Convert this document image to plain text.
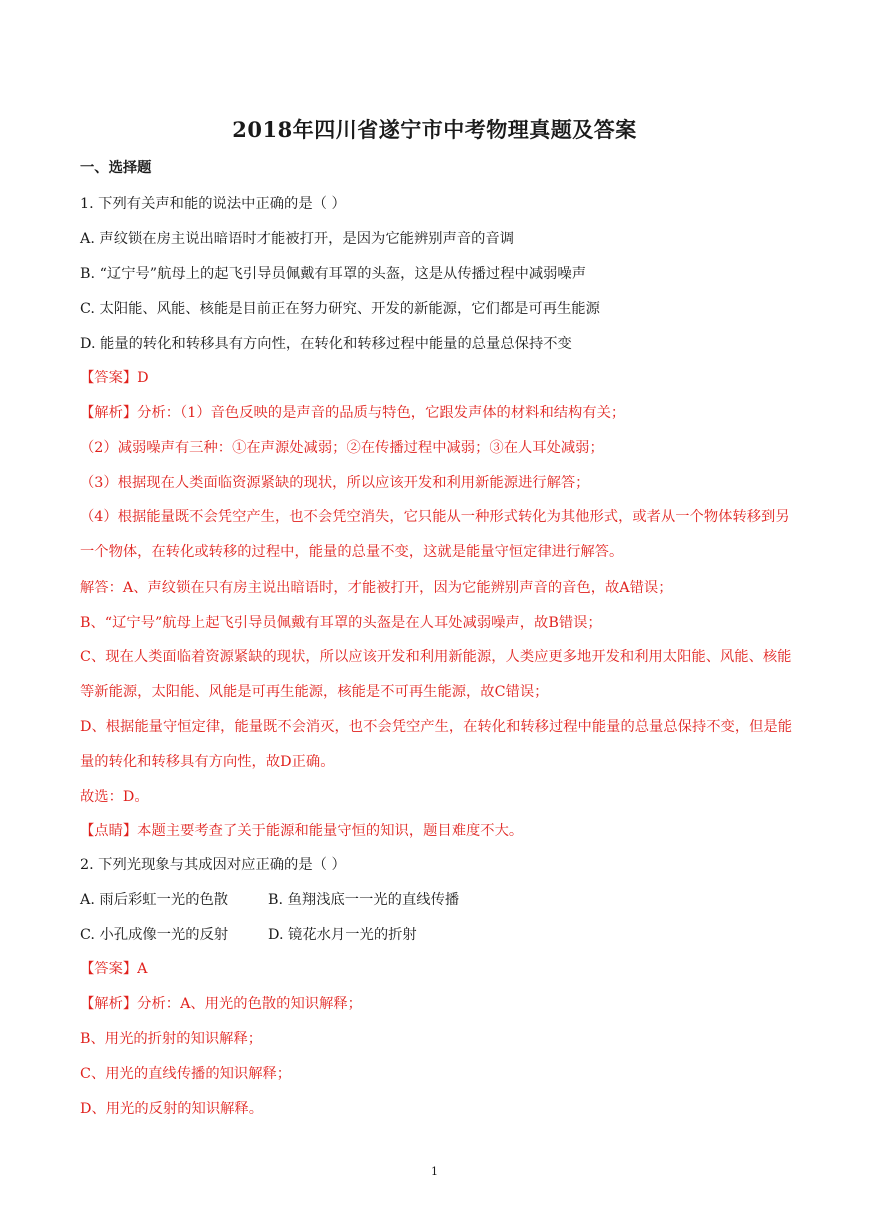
2018年四川省遂宁市中考物理真题及答案
一、选择题
1. 下列有关声和能的说法中正确的是（ ）
A. 声纹锁在房主说出暗语时才能被打开，是因为它能辨别声音的音调
B. “辽宁号”航母上的起飞引导员佩戴有耳罩的头盔，这是从传播过程中减弱噪声
C. 太阳能、风能、核能是目前正在努力研究、开发的新能源，它们都是可再生能源
D. 能量的转化和转移具有方向性，在转化和转移过程中能量的总量总保持不变
【答案】D
【解析】分析：（1）音色反映的是声音的品质与特色，它跟发声体的材料和结构有关；
（2）减弱噪声有三种：①在声源处减弱；②在传播过程中减弱；③在人耳处减弱；
（3）根据现在人类面临资源紧缺的现状，所以应该开发和利用新能源进行解答；
（4）根据能量既不会凭空产生，也不会凭空消失，它只能从一种形式转化为其他形式，或者从一个物体转移到另一个物体，在转化或转移的过程中，能量的总量不变，这就是能量守恒定律进行解答。
解答：A、声纹锁在只有房主说出暗语时，才能被打开，因为它能辨别声音的音色，故A错误；
B、“辽宁号”航母上起飞引导员佩戴有耳罩的头盔是在人耳处减弱噪声，故B错误；
C、现在人类面临着资源紧缺的现状，所以应该开发和利用新能源，人类应更多地开发和利用太阳能、风能、核能等新能源，太阳能、风能是可再生能源，核能是不可再生能源，故C错误；
D、根据能量守恒定律，能量既不会消灭，也不会凭空产生，在转化和转移过程中能量的总量总保持不变，但是能量的转化和转移具有方向性，故D正确。
故选：D。
【点睛】本题主要考查了关于能源和能量守恒的知识，题目难度不大。
2. 下列光现象与其成因对应正确的是（ ）
A. 雨后彩虹一光的色散	B. 鱼翔浅底一一光的直线传播
C. 小孔成像一光的反射	D. 镜花水月一光的折射
【答案】A
【解析】分析：A、用光的色散的知识解释；
B、用光的折射的知识解释；
C、用光的直线传播的知识解释；
D、用光的反射的知识解释。
1
